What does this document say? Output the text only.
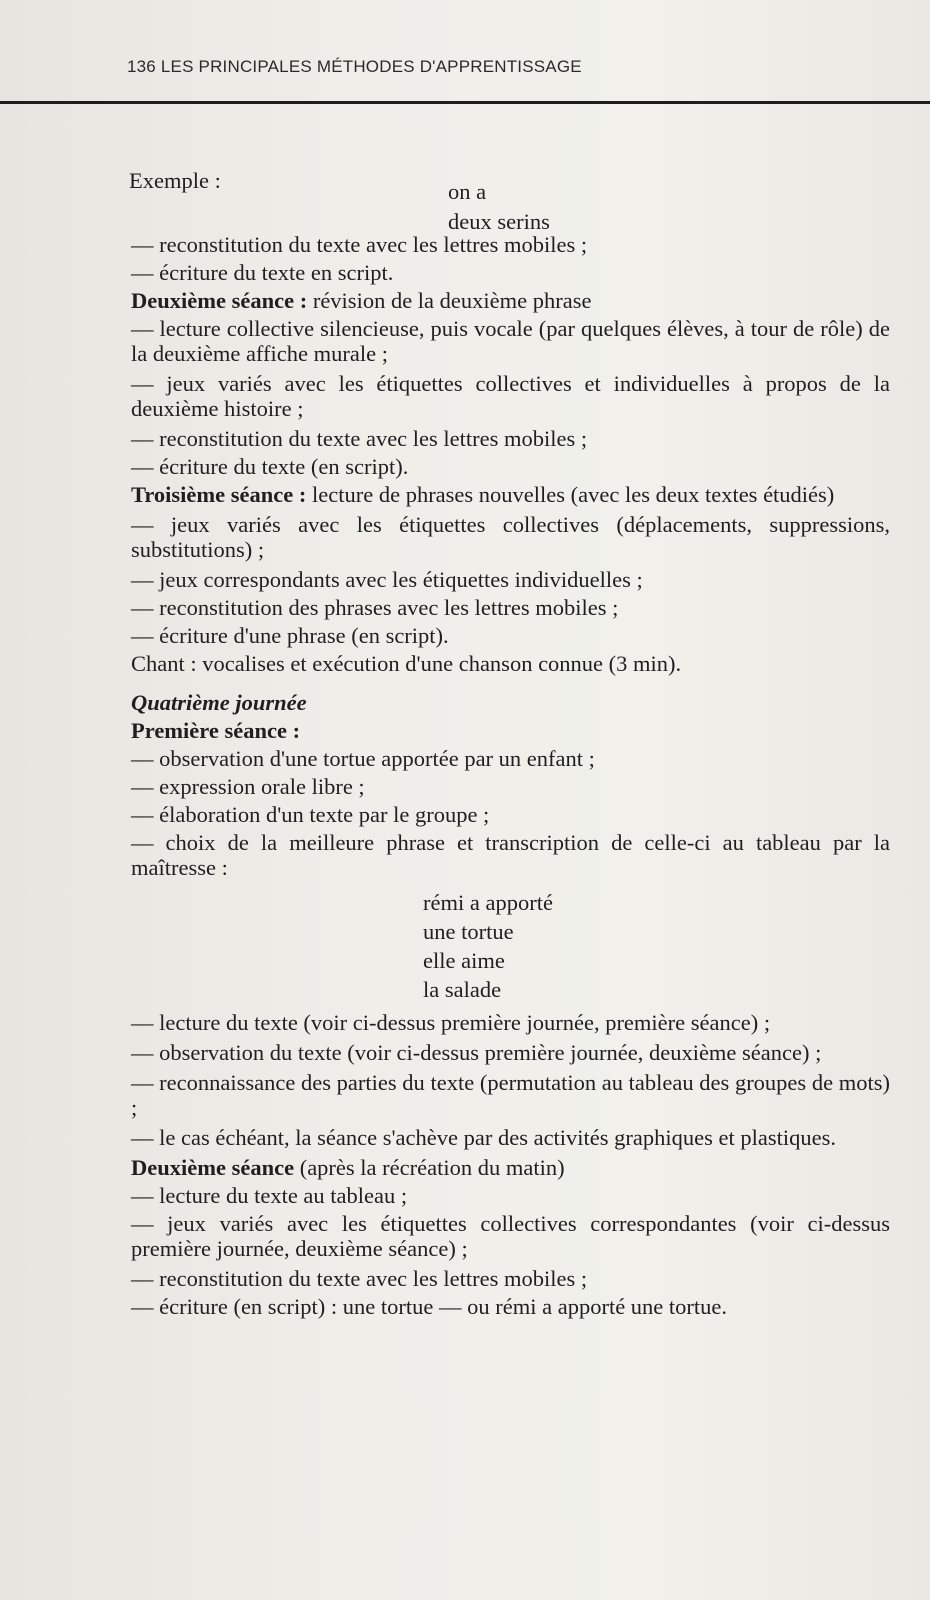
136 LES PRINCIPALES MÉTHODES D'APPRENTISSAGE
Exemple :	on a
deux serins

— reconstitution du texte avec les lettres mobiles ;

— écriture du texte en script.

Deuxième séance : révision de la deuxième phrase

— lecture collective silencieuse, puis vocale (par quelques élèves, à tour de rôle) de la deuxième affiche murale ;

— jeux variés avec les étiquettes collectives et individuelles à propos de la deuxième histoire ;

— reconstitution du texte avec les lettres mobiles ;

— écriture du texte (en script).

Troisième séance : lecture de phrases nouvelles (avec les deux textes étudiés)

— jeux variés avec les étiquettes collectives (déplacements, suppressions, substitutions) ;

— jeux correspondants avec les étiquettes individuelles ;

— reconstitution des phrases avec les lettres mobiles ;

— écriture d'une phrase (en script).

Chant : vocalises et exécution d'une chanson connue (3 min).

Quatrième journée

Première séance :

— observation d'une tortue apportée par un enfant ;

— expression orale libre ;

— élaboration d'un texte par le groupe ;

— choix de la meilleure phrase et transcription de celle-ci au tableau par la maîtresse :

rémi a apporté
une tortue
elle aime
la salade

— lecture du texte (voir ci-dessus première journée, première séance) ;

— observation du texte (voir ci-dessus première journée, deuxième séance) ;

— reconnaissance des parties du texte (permutation au tableau des groupes de mots) ;

— le cas échéant, la séance s'achève par des activités graphiques et plastiques.

Deuxième séance (après la récréation du matin)

— lecture du texte au tableau ;

— jeux variés avec les étiquettes collectives correspondantes (voir ci-dessus première journée, deuxième séance) ;

— reconstitution du texte avec les lettres mobiles ;

— écriture (en script) : une tortue — ou rémi a apporté une tortue.
